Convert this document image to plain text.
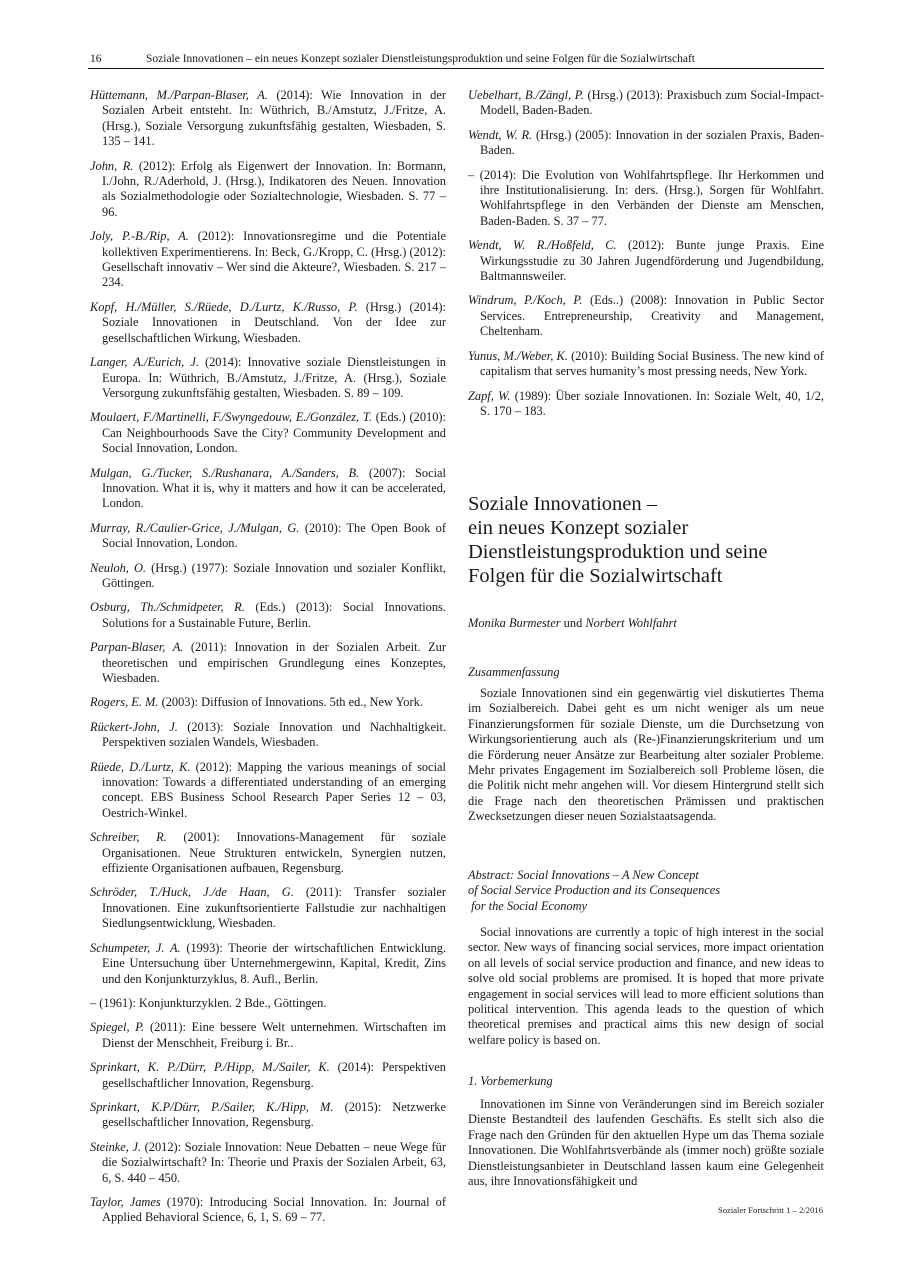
16	Soziale Innovationen – ein neues Konzept sozialer Dienstleistungsproduktion und seine Folgen für die Sozialwirtschaft
Hüttemann, M./Parpan-Blaser, A. (2014): Wie Innovation in der Sozialen Arbeit entsteht. In: Wüthrich, B./Amstutz, J./Fritze, A. (Hrsg.), Soziale Versorgung zukunftsfähig gestalten, Wiesbaden, S. 135 – 141.
John, R. (2012): Erfolg als Eigenwert der Innovation. In: Bormann, I./John, R./Aderhold, J. (Hrsg.), Indikatoren des Neuen. Innovation als Sozialmethodologie oder Sozialtechnologie, Wiesbaden. S. 77 – 96.
Joly, P.-B./Rip, A. (2012): Innovationsregime und die Potentiale kollektiven Experimentierens. In: Beck, G./Kropp, C. (Hrsg.) (2012): Gesellschaft innovativ – Wer sind die Akteure?, Wiesbaden. S. 217 – 234.
Kopf, H./Müller, S./Rüede, D./Lurtz, K./Russo, P. (Hrsg.) (2014): Soziale Innovationen in Deutschland. Von der Idee zur gesellschaftlichen Wirkung, Wiesbaden.
Langer, A./Eurich, J. (2014): Innovative soziale Dienstleistungen in Europa. In: Wüthrich, B./Amstutz, J./Fritze, A. (Hrsg.), Soziale Versorgung zukunftsfähig gestalten, Wiesbaden. S. 89 – 109.
Moulaert, F./Martinelli, F./Swyngedouw, E./González, T. (Eds.) (2010): Can Neighbourhoods Save the City? Community Development and Social Innovation, London.
Mulgan, G./Tucker, S./Rushanara, A./Sanders, B. (2007): Social Innovation. What it is, why it matters and how it can be accelerated, London.
Murray, R./Caulier-Grice, J./Mulgan, G. (2010): The Open Book of Social Innovation, London.
Neuloh, O. (Hrsg.) (1977): Soziale Innovation und sozialer Konflikt, Göttingen.
Osburg, Th./Schmidpeter, R. (Eds.) (2013): Social Innovations. Solutions for a Sustainable Future, Berlin.
Parpan-Blaser, A. (2011): Innovation in der Sozialen Arbeit. Zur theoretischen und empirischen Grundlegung eines Konzeptes, Wiesbaden.
Rogers, E. M. (2003): Diffusion of Innovations. 5th ed., New York.
Rückert-John, J. (2013): Soziale Innovation und Nachhaltigkeit. Perspektiven sozialen Wandels, Wiesbaden.
Rüede, D./Lurtz, K. (2012): Mapping the various meanings of social innovation: Towards a differentiated understanding of an emerging concept. EBS Business School Research Paper Series 12 – 03, Oestrich-Winkel.
Schreiber, R. (2001): Innovations-Management für soziale Organisationen. Neue Strukturen entwickeln, Synergien nutzen, effiziente Organisationen aufbauen, Regensburg.
Schröder, T./Huck, J./de Haan, G. (2011): Transfer sozialer Innovationen. Eine zukunftsorientierte Fallstudie zur nachhaltigen Siedlungsentwicklung, Wiesbaden.
Schumpeter, J. A. (1993): Theorie der wirtschaftlichen Entwicklung. Eine Untersuchung über Unternehmergewinn, Kapital, Kredit, Zins und den Konjunkturzyklus, 8. Aufl., Berlin.
– (1961): Konjunkturzyklen. 2 Bde., Göttingen.
Spiegel, P. (2011): Eine bessere Welt unternehmen. Wirtschaften im Dienst der Menschheit, Freiburg i. Br..
Sprinkart, K. P./Dürr, P./Hipp, M./Sailer, K. (2014): Perspektiven gesellschaftlicher Innovation, Regensburg.
Sprinkart, K.P/Dürr, P./Sailer, K./Hipp, M. (2015): Netzwerke gesellschaftlicher Innovation, Regensburg.
Steinke, J. (2012): Soziale Innovation: Neue Debatten – neue Wege für die Sozialwirtschaft? In: Theorie und Praxis der Sozialen Arbeit, 63, 6, S. 440 – 450.
Taylor, James (1970): Introducing Social Innovation. In: Journal of Applied Behavioral Science, 6, 1, S. 69 – 77.
Uebelhart, B./Zängl, P. (Hrsg.) (2013): Praxisbuch zum Social-Impact-Modell, Baden-Baden.
Wendt, W. R. (Hrsg.) (2005): Innovation in der sozialen Praxis, Baden-Baden.
– (2014): Die Evolution von Wohlfahrtspflege. Ihr Herkommen und ihre Institutionalisierung. In: ders. (Hrsg.), Sorgen für Wohlfahrt. Wohlfahrtspflege in den Verbänden der Dienste am Menschen, Baden-Baden. S. 37 – 77.
Wendt, W. R./Hoßfeld, C. (2012): Bunte junge Praxis. Eine Wirkungsstudie zu 30 Jahren Jugendförderung und Jugendbildung, Baltmannsweiler.
Windrum, P./Koch, P. (Eds..) (2008): Innovation in Public Sector Services. Entrepreneurship, Creativity and Management, Cheltenham.
Yunus, M./Weber, K. (2010): Building Social Business. The new kind of capitalism that serves humanity’s most pressing needs, New York.
Zapf, W. (1989): Über soziale Innovationen. In: Soziale Welt, 40, 1/2, S. 170 – 183.
Soziale Innovationen –
ein neues Konzept sozialer
Dienstleistungsproduktion und seine
Folgen für die Sozialwirtschaft
Monika Burmester und Norbert Wohlfahrt
Zusammenfassung
Soziale Innovationen sind ein gegenwärtig viel diskutiertes Thema im Sozialbereich. Dabei geht es um nicht weniger als um neue Finanzierungsformen für soziale Dienste, um die Durchsetzung von Wirkungsorientierung auch als (Re-)Finanzierungskriterium und um die Förderung neuer Ansätze zur Bearbeitung alter sozialer Probleme. Mehr privates Engagement im Sozialbereich soll Probleme lösen, die die Politik nicht mehr angehen will. Vor diesem Hintergrund stellt sich die Frage nach den theoretischen Prämissen und praktischen Zwecksetzungen dieser neuen Sozialstaatsagenda.
Abstract: Social Innovations – A New Concept
of Social Service Production and its Consequences
for the Social Economy
Social innovations are currently a topic of high interest in the social sector. New ways of financing social services, more impact orientation on all levels of social service production and finance, and new ideas to solve old social problems are promised. It is hoped that more private engagement in social services will lead to more efficient solutions than political intervention. This agenda leads to the question of which theoretical premises and practical aims this new design of social welfare policy is based on.
1. Vorbemerkung
Innovationen im Sinne von Veränderungen sind im Bereich sozialer Dienste Bestandteil des laufenden Geschäfts. Es stellt sich also die Frage nach den Gründen für den aktuellen Hype um das Thema soziale Innovationen. Die Wohlfahrtsverbände als (immer noch) größte soziale Dienstleistungsanbieter in Deutschland lassen kaum eine Gelegenheit aus, ihre Innovationsfähigkeit und
Sozialer Fortschritt 1 – 2/2016
